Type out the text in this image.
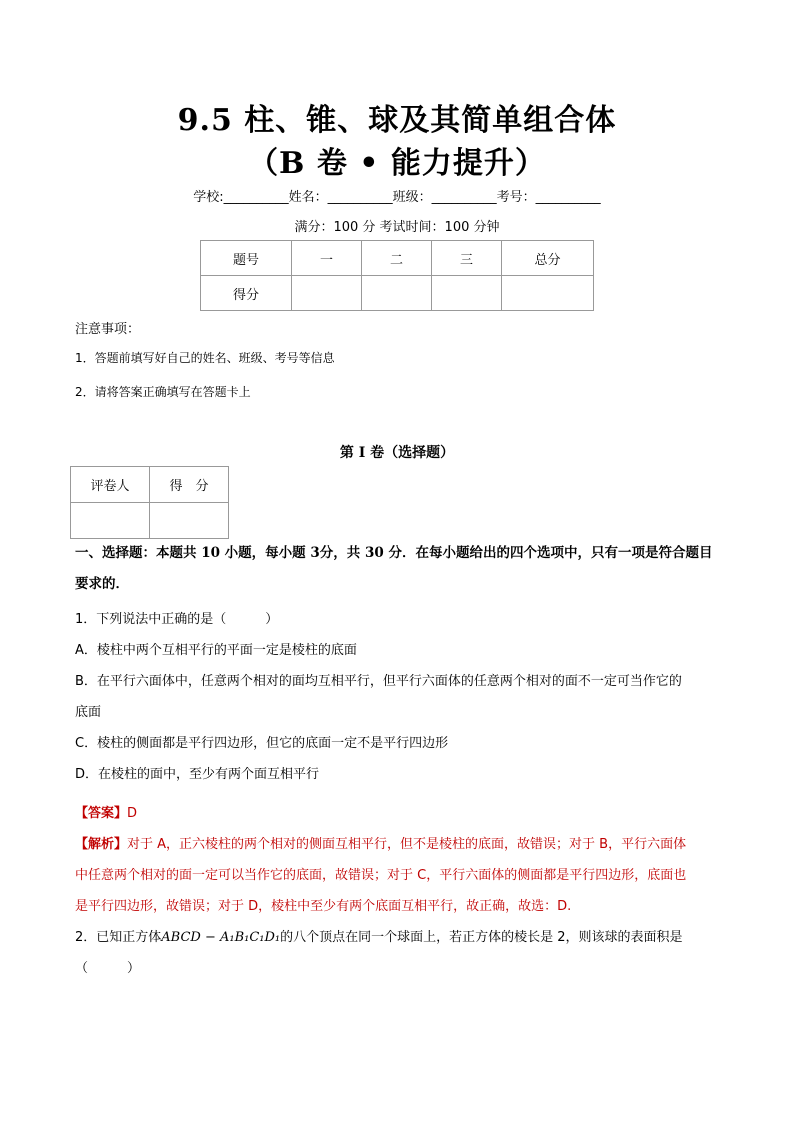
9.5 柱、锥、球及其简单组合体
（B 卷 • 能力提升）
学校:__________姓名：__________班级：__________考号：__________
满分：100 分 考试时间：100 分钟
题号	一	二	三	总分
得分				
注意事项：
1．答题前填写好自己的姓名、班级、考号等信息
2．请将答案正确填写在答题卡上
第 I 卷（选择题）
评卷人	得　分

一、选择题：本题共 10 小题，每小题 3分，共 30 分．在每小题给出的四个选项中，只有一项是符合题目
要求的．
1．下列说法中正确的是（　　　）
A．棱柱中两个互相平行的平面一定是棱柱的底面
B．在平行六面体中，任意两个相对的面均互相平行，但平行六面体的任意两个相对的面不一定可当作它的
底面
C．棱柱的侧面都是平行四边形，但它的底面一定不是平行四边形
D．在棱柱的面中，至少有两个面互相平行
【答案】D
【解析】对于 A，正六棱柱的两个相对的侧面互相平行，但不是棱柱的底面，故错误；对于 B，平行六面体
中任意两个相对的面一定可以当作它的底面，故错误；对于 C，平行六面体的侧面都是平行四边形，底面也
是平行四边形，故错误；对于 D，棱柱中至少有两个底面互相平行，故正确，故选：D.
2．已知正方体ABCD − A₁B₁C₁D₁的八个顶点在同一个球面上，若正方体的棱长是 2，则该球的表面积是
（　　　）
